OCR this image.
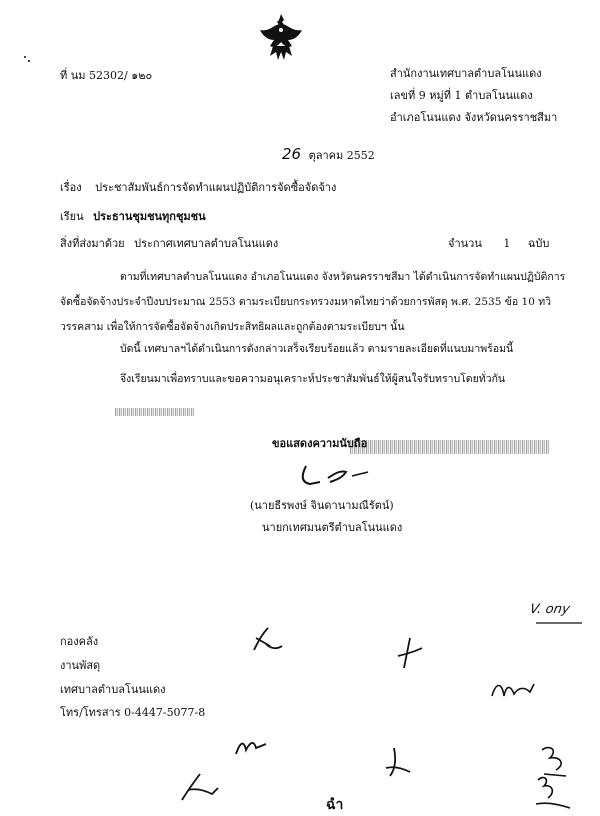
ที่ นม 52302/ ๑๒๐	สำนักงานเทศบาลตำบลโนนแดง
เลขที่ 9 หมู่ที่ 1 ตำบลโนนแดง
อำเภอโนนแดง จังหวัดนครราชสีมา
26 ตุลาคม 2552
เรื่อง ประชาสัมพันธ์การจัดทำแผนปฏิบัติการจัดซื้อจัดจ้าง
เรียน ประธานชุมชนทุกชุมชน
สิ่งที่ส่งมาด้วย ประกาศเทศบาลตำบลโนนแดง	จำนวน 1 ฉบับ
ตามที่เทศบาลตำบลโนนแดง อำเภอโนนแดง จังหวัดนครราชสีมา ได้ดำเนินการจัดทำแผนปฏิบัติการ
จัดซื้อจัดจ้างประจำปีงบประมาณ 2553 ตามระเบียบกระทรวงมหาดไทยว่าด้วยการพัสดุ พ.ศ. 2535 ข้อ 10 ทวิ
วรรคสาม เพื่อให้การจัดซื้อจัดจ้างเกิดประสิทธิผลและถูกต้องตามระเบียบฯ นั้น
บัดนี้ เทศบาลฯได้ดำเนินการดังกล่าวเสร็จเรียบร้อยแล้ว ตามรายละเอียดที่แนบมาพร้อมนี้
จึงเรียนมาเพื่อทราบและขอความอนุเคราะห์ประชาสัมพันธ์ให้ผู้สนใจรับทราบโดยทั่วกัน
ขอแสดงความนับถือ
(นายธีรพงษ์ จินดานามณีรัตน์)
นายกเทศมนตรีตำบลโนนแดง
V. ony
กองคลัง
งานพัสดุ
เทศบาลตำบลโนนแดง
โทร/โทรสาร 0-4447-5077-8
ฉำ
